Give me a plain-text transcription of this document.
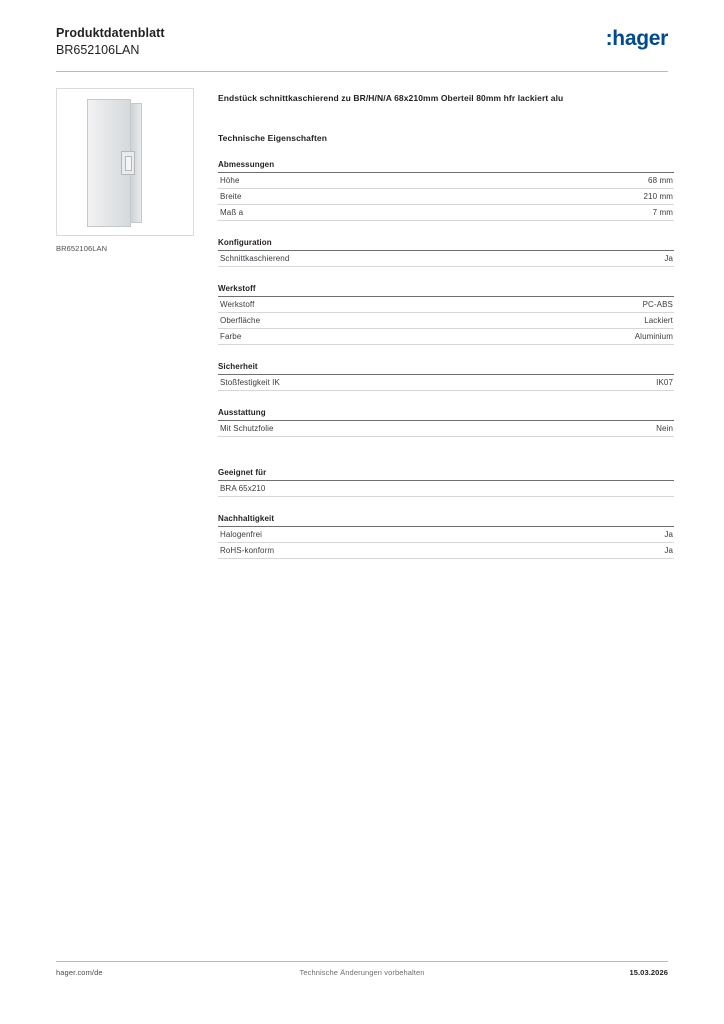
Produktdatenblatt
BR652106LAN	:hager
BR652106LAN
Endstück schnittkaschierend zu BR/H/N/A 68x210mm Oberteil 80mm hfr lackiert alu
Technische Eigenschaften
Abmessungen
Höhe	68 mm
Breite	210 mm
Maß a	7 mm
Konfiguration
Schnittkaschierend	Ja
Werkstoff
Werkstoff	PC-ABS
Oberfläche	Lackiert
Farbe	Aluminium
Sicherheit
Stoßfestigkeit IK	IK07
Ausstattung
Mit Schutzfolie	Nein
Geeignet für
BRA 65x210
Nachhaltigkeit
Halogenfrei	Ja
RoHS-konform	Ja
hager.com/de	Technische Änderungen vorbehalten	15.03.2026
